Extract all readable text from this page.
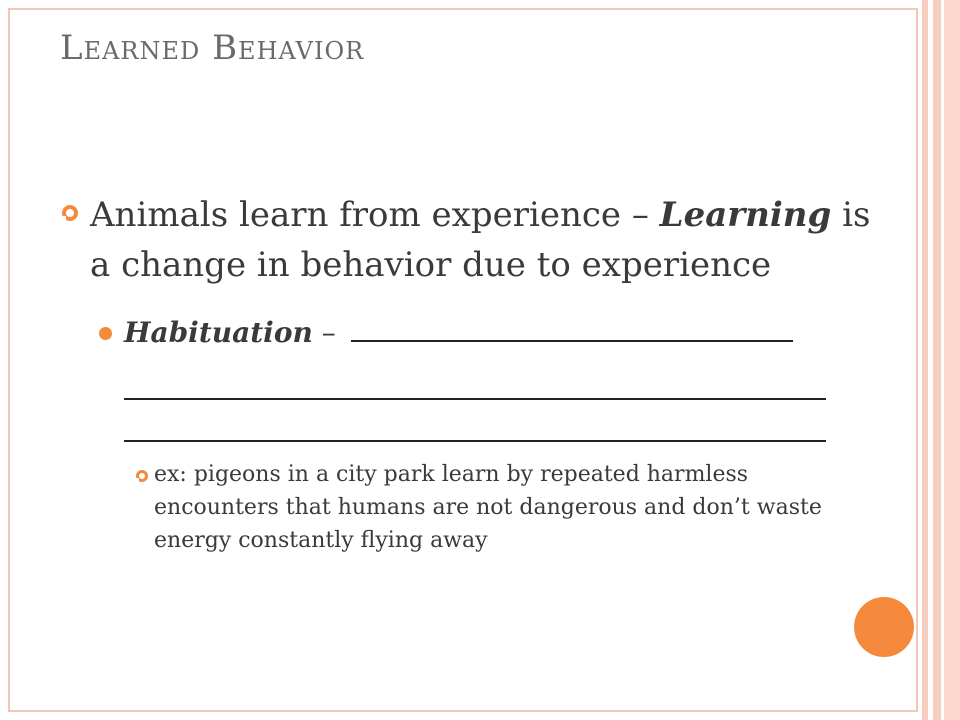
Learned Behavior
Animals learn from experience – Learning is a change in behavior due to experience
Habituation –
ex: pigeons in a city park learn by repeated harmless encounters that humans are not dangerous and don’t waste energy constantly flying away
